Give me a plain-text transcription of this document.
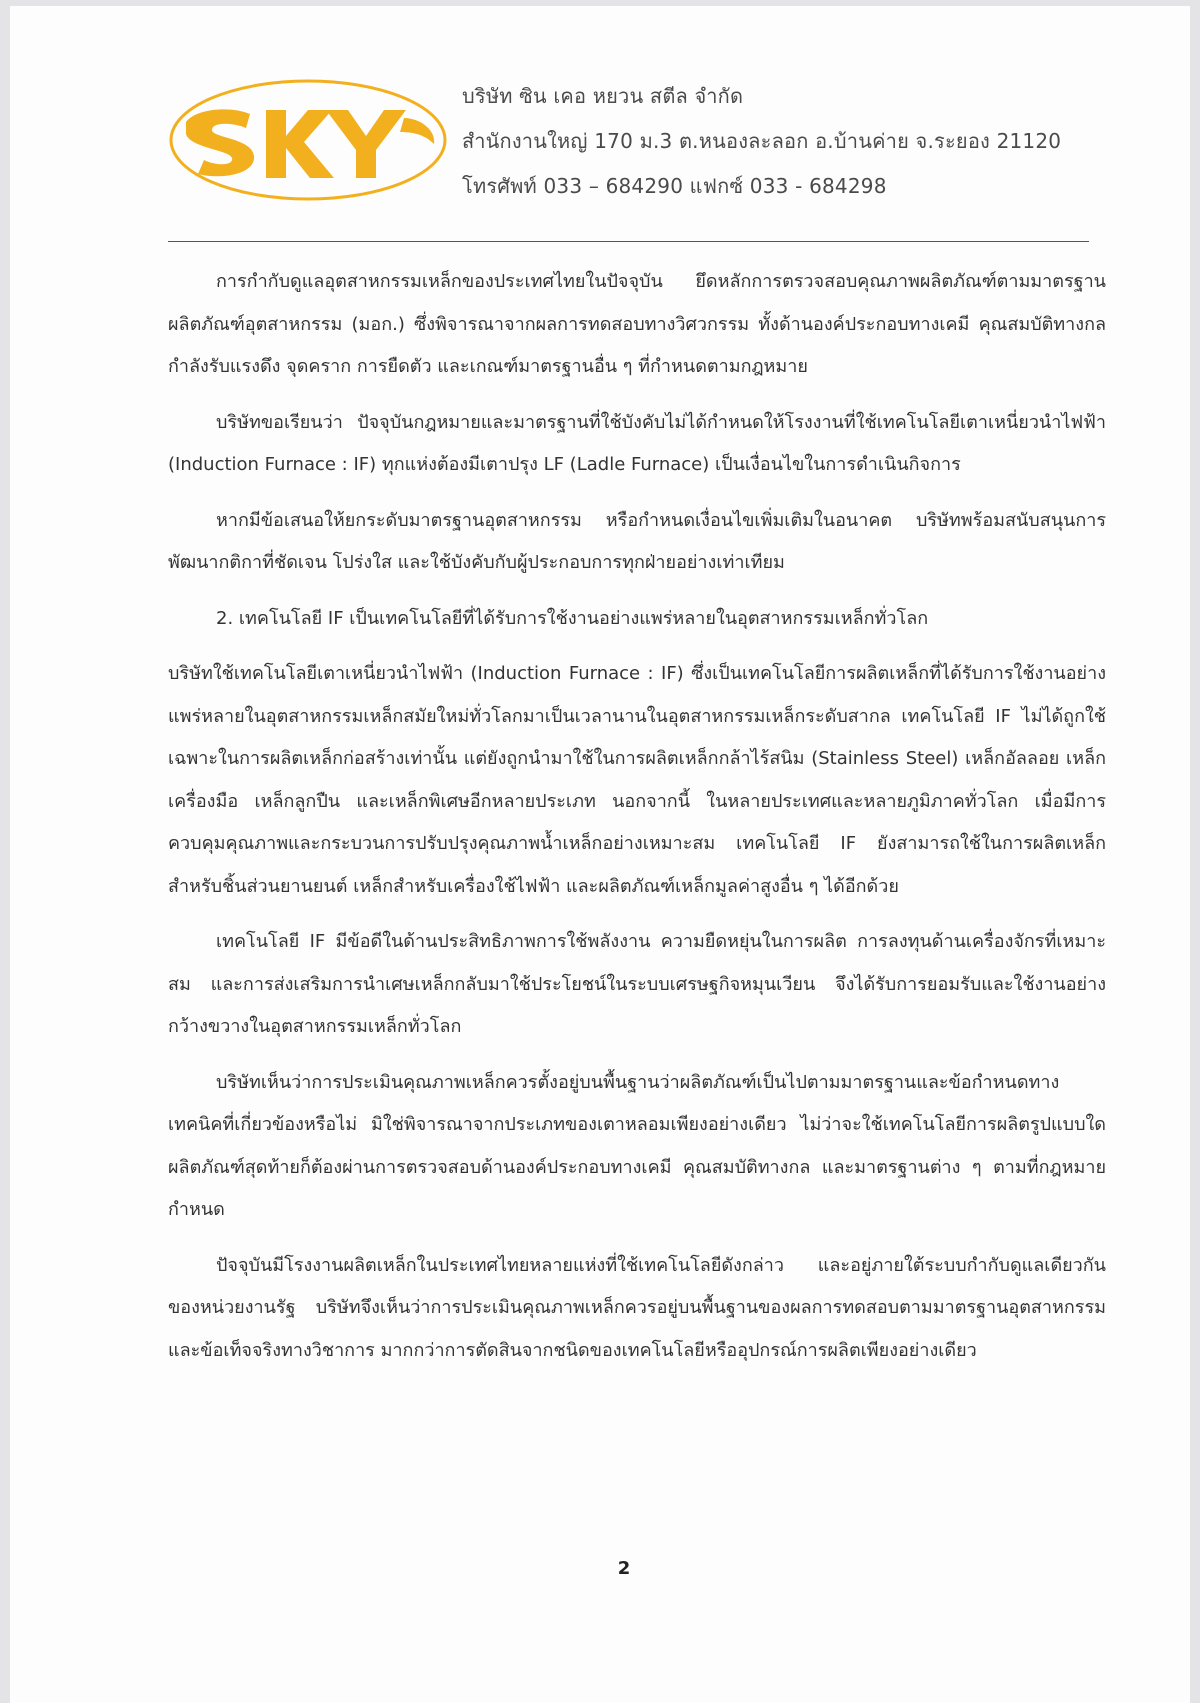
บริษัท ซิน เคอ หยวน สตีล จำกัด
สำนักงานใหญ่ 170 ม.3 ต.หนองละลอก อ.บ้านค่าย จ.ระยอง 21120
โทรศัพท์ 033 – 684290 แฟกซ์ 033 - 684298

การกำกับดูแลอุตสาหกรรมเหล็กของประเทศไทยในปัจจุบัน ยึดหลักการตรวจสอบคุณภาพผลิตภัณฑ์ตามมาตรฐานผลิตภัณฑ์อุตสาหกรรม (มอก.) ซึ่งพิจารณาจากผลการทดสอบทางวิศวกรรม ทั้งด้านองค์ประกอบทางเคมี คุณสมบัติทางกล กำลังรับแรงดึง จุดคราก การยืดตัว และเกณฑ์มาตรฐานอื่น ๆ ที่กำหนดตามกฎหมาย

บริษัทขอเรียนว่า ปัจจุบันกฎหมายและมาตรฐานที่ใช้บังคับไม่ได้กำหนดให้โรงงานที่ใช้เทคโนโลยีเตาเหนี่ยวนำไฟฟ้า (Induction Furnace : IF) ทุกแห่งต้องมีเตาปรุง LF (Ladle Furnace) เป็นเงื่อนไขในการดำเนินกิจการ

หากมีข้อเสนอให้ยกระดับมาตรฐานอุตสาหกรรม หรือกำหนดเงื่อนไขเพิ่มเติมในอนาคต บริษัทพร้อมสนับสนุนการพัฒนากติกาที่ชัดเจน โปร่งใส และใช้บังคับกับผู้ประกอบการทุกฝ่ายอย่างเท่าเทียม

2. เทคโนโลยี IF เป็นเทคโนโลยีที่ได้รับการใช้งานอย่างแพร่หลายในอุตสาหกรรมเหล็กทั่วโลก

บริษัทใช้เทคโนโลยีเตาเหนี่ยวนำไฟฟ้า (Induction Furnace : IF) ซึ่งเป็นเทคโนโลยีการผลิตเหล็กที่ได้รับการใช้งานอย่างแพร่หลายในอุตสาหกรรมเหล็กสมัยใหม่ทั่วโลกมาเป็นเวลานานในอุตสาหกรรมเหล็กระดับสากล เทคโนโลยี IF ไม่ได้ถูกใช้เฉพาะในการผลิตเหล็กก่อสร้างเท่านั้น แต่ยังถูกนำมาใช้ในการผลิตเหล็กกล้าไร้สนิม (Stainless Steel) เหล็กอัลลอย เหล็กเครื่องมือ เหล็กลูกปืน และเหล็กพิเศษอีกหลายประเภท นอกจากนี้ ในหลายประเทศและหลายภูมิภาคทั่วโลก เมื่อมีการควบคุมคุณภาพและกระบวนการปรับปรุงคุณภาพน้ำเหล็กอย่างเหมาะสม เทคโนโลยี IF ยังสามารถใช้ในการผลิตเหล็กสำหรับชิ้นส่วนยานยนต์ เหล็กสำหรับเครื่องใช้ไฟฟ้า และผลิตภัณฑ์เหล็กมูลค่าสูงอื่น ๆ ได้อีกด้วย

เทคโนโลยี IF มีข้อดีในด้านประสิทธิภาพการใช้พลังงาน ความยืดหยุ่นในการผลิต การลงทุนด้านเครื่องจักรที่เหมาะสม และการส่งเสริมการนำเศษเหล็กกลับมาใช้ประโยชน์ในระบบเศรษฐกิจหมุนเวียน จึงได้รับการยอมรับและใช้งานอย่างกว้างขวางในอุตสาหกรรมเหล็กทั่วโลก

บริษัทเห็นว่าการประเมินคุณภาพเหล็กควรตั้งอยู่บนพื้นฐานว่าผลิตภัณฑ์เป็นไปตามมาตรฐานและข้อกำหนดทางเทคนิคที่เกี่ยวข้องหรือไม่ มิใช่พิจารณาจากประเภทของเตาหลอมเพียงอย่างเดียว ไม่ว่าจะใช้เทคโนโลยีการผลิตรูปแบบใด ผลิตภัณฑ์สุดท้ายก็ต้องผ่านการตรวจสอบด้านองค์ประกอบทางเคมี คุณสมบัติทางกล และมาตรฐานต่าง ๆ ตามที่กฎหมายกำหนด

ปัจจุบันมีโรงงานผลิตเหล็กในประเทศไทยหลายแห่งที่ใช้เทคโนโลยีดังกล่าว และอยู่ภายใต้ระบบกำกับดูแลเดียวกันของหน่วยงานรัฐ บริษัทจึงเห็นว่าการประเมินคุณภาพเหล็กควรอยู่บนพื้นฐานของผลการทดสอบตามมาตรฐานอุตสาหกรรมและข้อเท็จจริงทางวิชาการ มากกว่าการตัดสินจากชนิดของเทคโนโลยีหรืออุปกรณ์การผลิตเพียงอย่างเดียว

2
